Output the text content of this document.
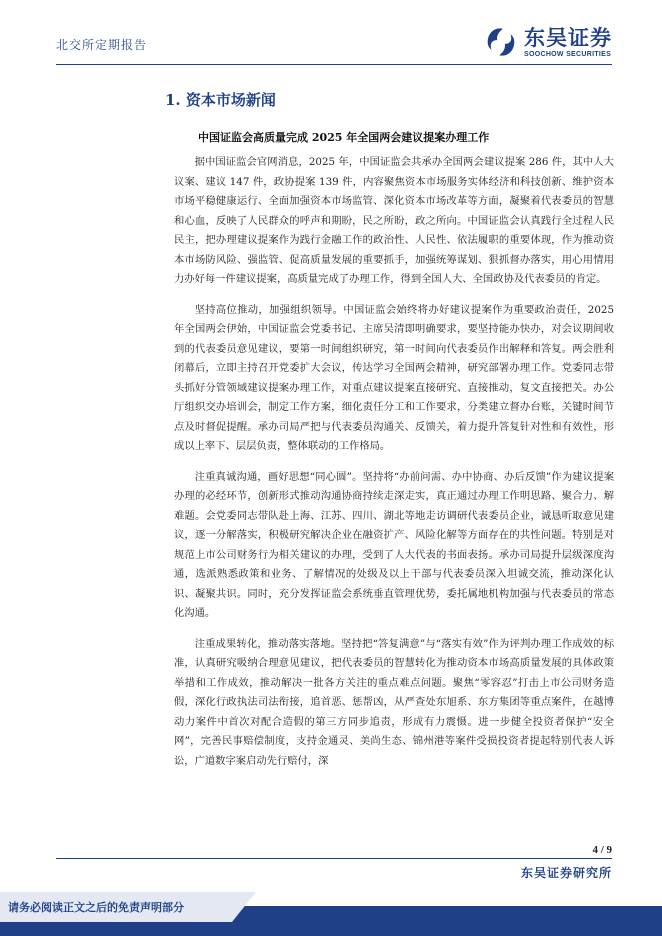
北交所定期报告	东吴证券
SOOCHOW SECURITIES
1. 资本市场新闻
中国证监会高质量完成 2025 年全国两会建议提案办理工作

据中国证监会官网消息，2025 年，中国证监会共承办全国两会建议提案 286 件，其中人大议案、建议 147 件，政协提案 139 件，内容聚焦资本市场服务实体经济和科技创新、维护资本市场平稳健康运行、全面加强资本市场监管、深化资本市场改革等方面，凝聚着代表委员的智慧和心血，反映了人民群众的呼声和期盼，民之所盼，政之所向。中国证监会认真践行全过程人民民主，把办理建议提案作为践行金融工作的政治性、人民性、依法履职的重要体现，作为推动资本市场防风险、强监管、促高质量发展的重要抓手，加强统筹谋划、狠抓督办落实，用心用情用力办好每一件建议提案，高质量完成了办理工作，得到全国人大、全国政协及代表委员的肯定。

坚持高位推动，加强组织领导。中国证监会始终将办好建议提案作为重要政治责任，2025 年全国两会伊始，中国证监会党委书记、主席吴清即明确要求，要坚持能办快办，对会议期间收到的代表委员意见建议，要第一时间组织研究，第一时间向代表委员作出解释和答复。两会胜利闭幕后，立即主持召开党委扩大会议，传达学习全国两会精神，研究部署办理工作。党委同志带头抓好分管领域建议提案办理工作，对重点建议提案直接研究、直接推动，复文直接把关。办公厅组织交办培训会，制定工作方案，细化责任分工和工作要求，分类建立督办台账，关键时间节点及时督促提醒。承办司局严把与代表委员沟通关、反馈关，着力提升答复针对性和有效性，形成以上率下、层层负责，整体联动的工作格局。

注重真诚沟通，画好思想“同心圆”。坚持将“办前问需、办中协商、办后反馈”作为建议提案办理的必经环节，创新形式推动沟通协商持续走深走实，真正通过办理工作明思路、聚合力、解难题。会党委同志带队赴上海、江苏、四川、湖北等地走访调研代表委员企业，诚恳听取意见建议，逐一分解落实，积极研究解决企业在融资扩产、风险化解等方面存在的共性问题。特别是对规范上市公司财务行为相关建议的办理，受到了人大代表的书面表扬。承办司局提升层级深度沟通，选派熟悉政策和业务、了解情况的处级及以上干部与代表委员深入坦诚交流，推动深化认识、凝聚共识。同时，充分发挥证监会系统垂直管理优势，委托属地机构加强与代表委员的常态化沟通。

注重成果转化，推动落实落地。坚持把“答复满意”与“落实有效”作为评判办理工作成效的标准，认真研究吸纳合理意见建议，把代表委员的智慧转化为推动资本市场高质量发展的具体政策举措和工作成效，推动解决一批各方关注的重点难点问题。聚焦“零容忍”打击上市公司财务造假，深化行政执法司法衔接，追首恶、惩帮凶，从严查处东旭系、东方集团等重点案件，在越博动力案件中首次对配合造假的第三方同步追责，形成有力震慑。进一步健全投资者保护“安全网”，完善民事赔偿制度，支持金通灵、美尚生态、锦州港等案件受损投资者提起特别代表人诉讼，广道数字案启动先行赔付，深

4 / 9
东吴证券研究所
请务必阅读正文之后的免责声明部分
